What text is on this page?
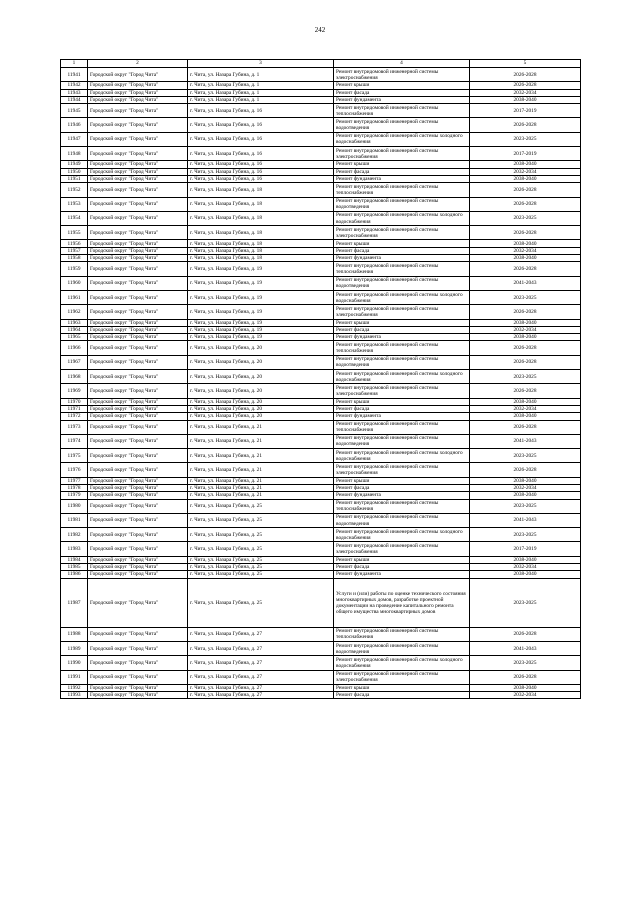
242
1	2	3	4	5
11941	Городской округ "Город Чита"	г. Чита, ул. Назара Губина, д. 1	Ремонт внутридомовой инженерной системы электроснабжения	2026-2028
11942	Городской округ "Город Чита"	г. Чита, ул. Назара Губина, д. 1	Ремонт крыши	2026-2028
11943	Городской округ "Город Чита"	г. Чита, ул. Назара Губина, д. 1	Ремонт фасада	2032-2034
11944	Городской округ "Город Чита"	г. Чита, ул. Назара Губина, д. 1	Ремонт фундамента	2038-2040
11945	Городской округ "Город Чита"	г. Чита, ул. Назара Губина, д. 16	Ремонт внутридомовой инженерной системы теплоснабжения	2017-2019
11946	Городской округ "Город Чита"	г. Чита, ул. Назара Губина, д. 16	Ремонт внутридомовой инженерной системы водоотведения	2026-2028
11947	Городской округ "Город Чита"	г. Чита, ул. Назара Губина, д. 16	Ремонт внутридомовой инженерной системы холодного водоснабжения	2023-2025
11948	Городской округ "Город Чита"	г. Чита, ул. Назара Губина, д. 16	Ремонт внутридомовой инженерной системы электроснабжения	2017-2019
11949	Городской округ "Город Чита"	г. Чита, ул. Назара Губина, д. 16	Ремонт крыши	2038-2040
11950	Городской округ "Город Чита"	г. Чита, ул. Назара Губина, д. 16	Ремонт фасада	2032-2034
11951	Городской округ "Город Чита"	г. Чита, ул. Назара Губина, д. 16	Ремонт фундамента	2038-2040
11952	Городской округ "Город Чита"	г. Чита, ул. Назара Губина, д. 18	Ремонт внутридомовой инженерной системы теплоснабжения	2026-2028
11953	Городской округ "Город Чита"	г. Чита, ул. Назара Губина, д. 18	Ремонт внутридомовой инженерной системы водоотведения	2026-2028
11954	Городской округ "Город Чита"	г. Чита, ул. Назара Губина, д. 18	Ремонт внутридомовой инженерной системы холодного водоснабжения	2023-2025
11955	Городской округ "Город Чита"	г. Чита, ул. Назара Губина, д. 18	Ремонт внутридомовой инженерной системы электроснабжения	2026-2028
11956	Городской округ "Город Чита"	г. Чита, ул. Назара Губина, д. 18	Ремонт крыши	2038-2040
11957	Городской округ "Город Чита"	г. Чита, ул. Назара Губина, д. 18	Ремонт фасада	2032-2034
11958	Городской округ "Город Чита"	г. Чита, ул. Назара Губина, д. 18	Ремонт фундамента	2038-2040
11959	Городской округ "Город Чита"	г. Чита, ул. Назара Губина, д. 19	Ремонт внутридомовой инженерной системы теплоснабжения	2026-2028
11960	Городской округ "Город Чита"	г. Чита, ул. Назара Губина, д. 19	Ремонт внутридомовой инженерной системы водоотведения	2041-2043
11961	Городской округ "Город Чита"	г. Чита, ул. Назара Губина, д. 19	Ремонт внутридомовой инженерной системы холодного водоснабжения	2023-2025
11962	Городской округ "Город Чита"	г. Чита, ул. Назара Губина, д. 19	Ремонт внутридомовой инженерной системы электроснабжения	2026-2028
11963	Городской округ "Город Чита"	г. Чита, ул. Назара Губина, д. 19	Ремонт крыши	2038-2040
11964	Городской округ "Город Чита"	г. Чита, ул. Назара Губина, д. 19	Ремонт фасада	2032-2034
11965	Городской округ "Город Чита"	г. Чита, ул. Назара Губина, д. 19	Ремонт фундамента	2038-2040
11966	Городской округ "Город Чита"	г. Чита, ул. Назара Губина, д. 20	Ремонт внутридомовой инженерной системы теплоснабжения	2026-2028
11967	Городской округ "Город Чита"	г. Чита, ул. Назара Губина, д. 20	Ремонт внутридомовой инженерной системы водоотведения	2026-2028
11968	Городской округ "Город Чита"	г. Чита, ул. Назара Губина, д. 20	Ремонт внутридомовой инженерной системы холодного водоснабжения	2023-2025
11969	Городской округ "Город Чита"	г. Чита, ул. Назара Губина, д. 20	Ремонт внутридомовой инженерной системы электроснабжения	2026-2028
11970	Городской округ "Город Чита"	г. Чита, ул. Назара Губина, д. 20	Ремонт крыши	2038-2040
11971	Городской округ "Город Чита"	г. Чита, ул. Назара Губина, д. 20	Ремонт фасада	2032-2034
11972	Городской округ "Город Чита"	г. Чита, ул. Назара Губина, д. 20	Ремонт фундамента	2038-2040
11973	Городской округ "Город Чита"	г. Чита, ул. Назара Губина, д. 21	Ремонт внутридомовой инженерной системы теплоснабжения	2026-2028
11974	Городской округ "Город Чита"	г. Чита, ул. Назара Губина, д. 21	Ремонт внутридомовой инженерной системы водоотведения	2041-2043
11975	Городской округ "Город Чита"	г. Чита, ул. Назара Губина, д. 21	Ремонт внутридомовой инженерной системы холодного водоснабжения	2023-2025
11976	Городской округ "Город Чита"	г. Чита, ул. Назара Губина, д. 21	Ремонт внутридомовой инженерной системы электроснабжения	2026-2028
11977	Городской округ "Город Чита"	г. Чита, ул. Назара Губина, д. 21	Ремонт крыши	2038-2040
11978	Городской округ "Город Чита"	г. Чита, ул. Назара Губина, д. 21	Ремонт фасада	2032-2034
11979	Городской округ "Город Чита"	г. Чита, ул. Назара Губина, д. 21	Ремонт фундамента	2038-2040
11980	Городской округ "Город Чита"	г. Чита, ул. Назара Губина, д. 25	Ремонт внутридомовой инженерной системы теплоснабжения	2023-2025
11981	Городской округ "Город Чита"	г. Чита, ул. Назара Губина, д. 25	Ремонт внутридомовой инженерной системы водоотведения	2041-2043
11982	Городской округ "Город Чита"	г. Чита, ул. Назара Губина, д. 25	Ремонт внутридомовой инженерной системы холодного водоснабжения	2023-2025
11983	Городской округ "Город Чита"	г. Чита, ул. Назара Губина, д. 25	Ремонт внутридомовой инженерной системы электроснабжения	2017-2019
11984	Городской округ "Город Чита"	г. Чита, ул. Назара Губина, д. 25	Ремонт крыши	2038-2040
11985	Городской округ "Город Чита"	г. Чита, ул. Назара Губина, д. 25	Ремонт фасада	2032-2034
11986	Городской округ "Город Чита"	г. Чита, ул. Назара Губина, д. 25	Ремонт фундамента	2038-2040
11987	Городской округ "Город Чита"	г. Чита, ул. Назара Губина, д. 25	Услуги и (или) работы по оценке технического состояния многоквартирных домов, разработке проектной документации на проведение капитального ремонта общего имущества многоквартирных домов	2023-2025
11988	Городской округ "Город Чита"	г. Чита, ул. Назара Губина, д. 27	Ремонт внутридомовой инженерной системы теплоснабжения	2026-2028
11989	Городской округ "Город Чита"	г. Чита, ул. Назара Губина, д. 27	Ремонт внутридомовой инженерной системы водоотведения	2041-2043
11990	Городской округ "Город Чита"	г. Чита, ул. Назара Губина, д. 27	Ремонт внутридомовой инженерной системы холодного водоснабжения	2023-2025
11991	Городской округ "Город Чита"	г. Чита, ул. Назара Губина, д. 27	Ремонт внутридомовой инженерной системы электроснабжения	2026-2028
11992	Городской округ "Город Чита"	г. Чита, ул. Назара Губина, д. 27	Ремонт крыши	2038-2040
11993	Городской округ "Город Чита"	г. Чита, ул. Назара Губина, д. 27	Ремонт фасада	2032-2034
